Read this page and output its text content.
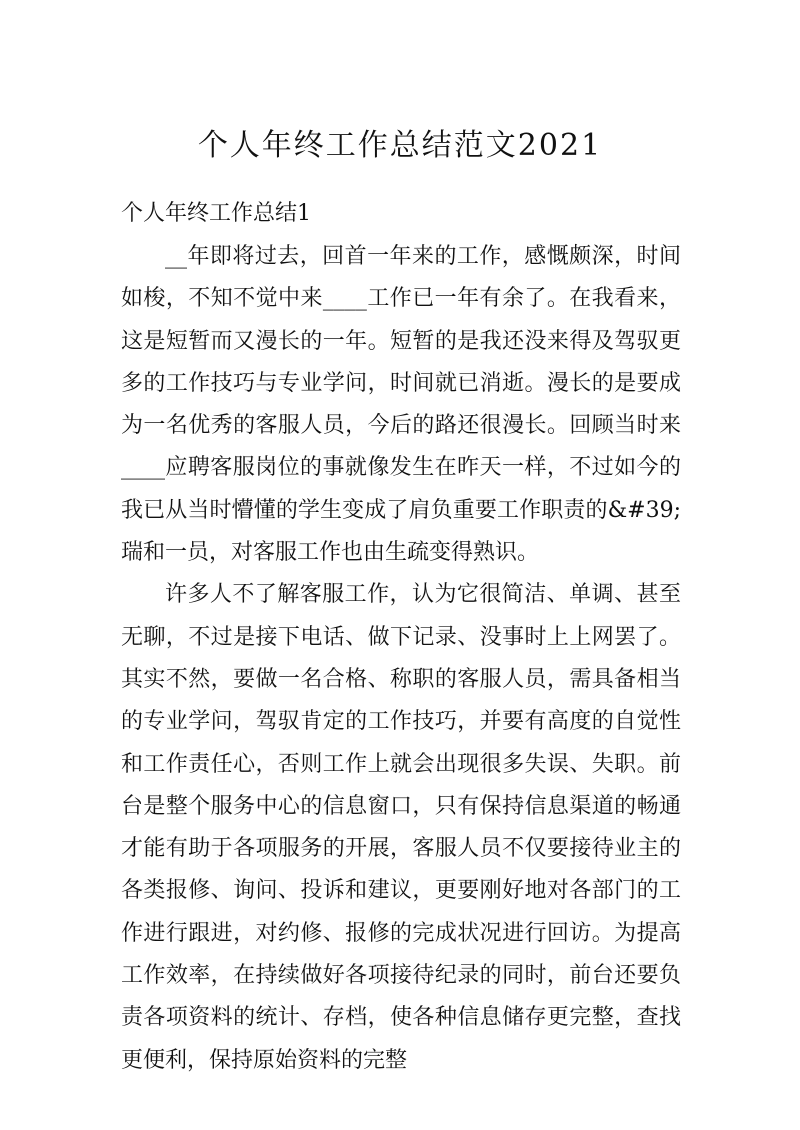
个人年终工作总结范文2021
个人年终工作总结1

__年即将过去，回首一年来的工作，感慨颇深，时间如梭，不知不觉中来____工作已一年有余了。在我看来，这是短暂而又漫长的一年。短暂的是我还没来得及驾驭更多的工作技巧与专业学问，时间就已消逝。漫长的是要成为一名优秀的客服人员，今后的路还很漫长。回顾当时来____应聘客服岗位的事就像发生在昨天一样，不过如今的我已从当时懵懂的学生变成了肩负重要工作职责的&#39;瑞和一员，对客服工作也由生疏变得熟识。

许多人不了解客服工作，认为它很简洁、单调、甚至无聊，不过是接下电话、做下记录、没事时上上网罢了。其实不然，要做一名合格、称职的客服人员，需具备相当的专业学问，驾驭肯定的工作技巧，并要有高度的自觉性和工作责任心，否则工作上就会出现很多失误、失职。前台是整个服务中心的信息窗口，只有保持信息渠道的畅通才能有助于各项服务的开展，客服人员不仅要接待业主的各类报修、询问、投诉和建议，更要刚好地对各部门的工作进行跟进，对约修、报修的完成状况进行回访。为提高工作效率，在持续做好各项接待纪录的同时，前台还要负责各项资料的统计、存档，使各种信息储存更完整，查找更便利，保持原始资料的完整
